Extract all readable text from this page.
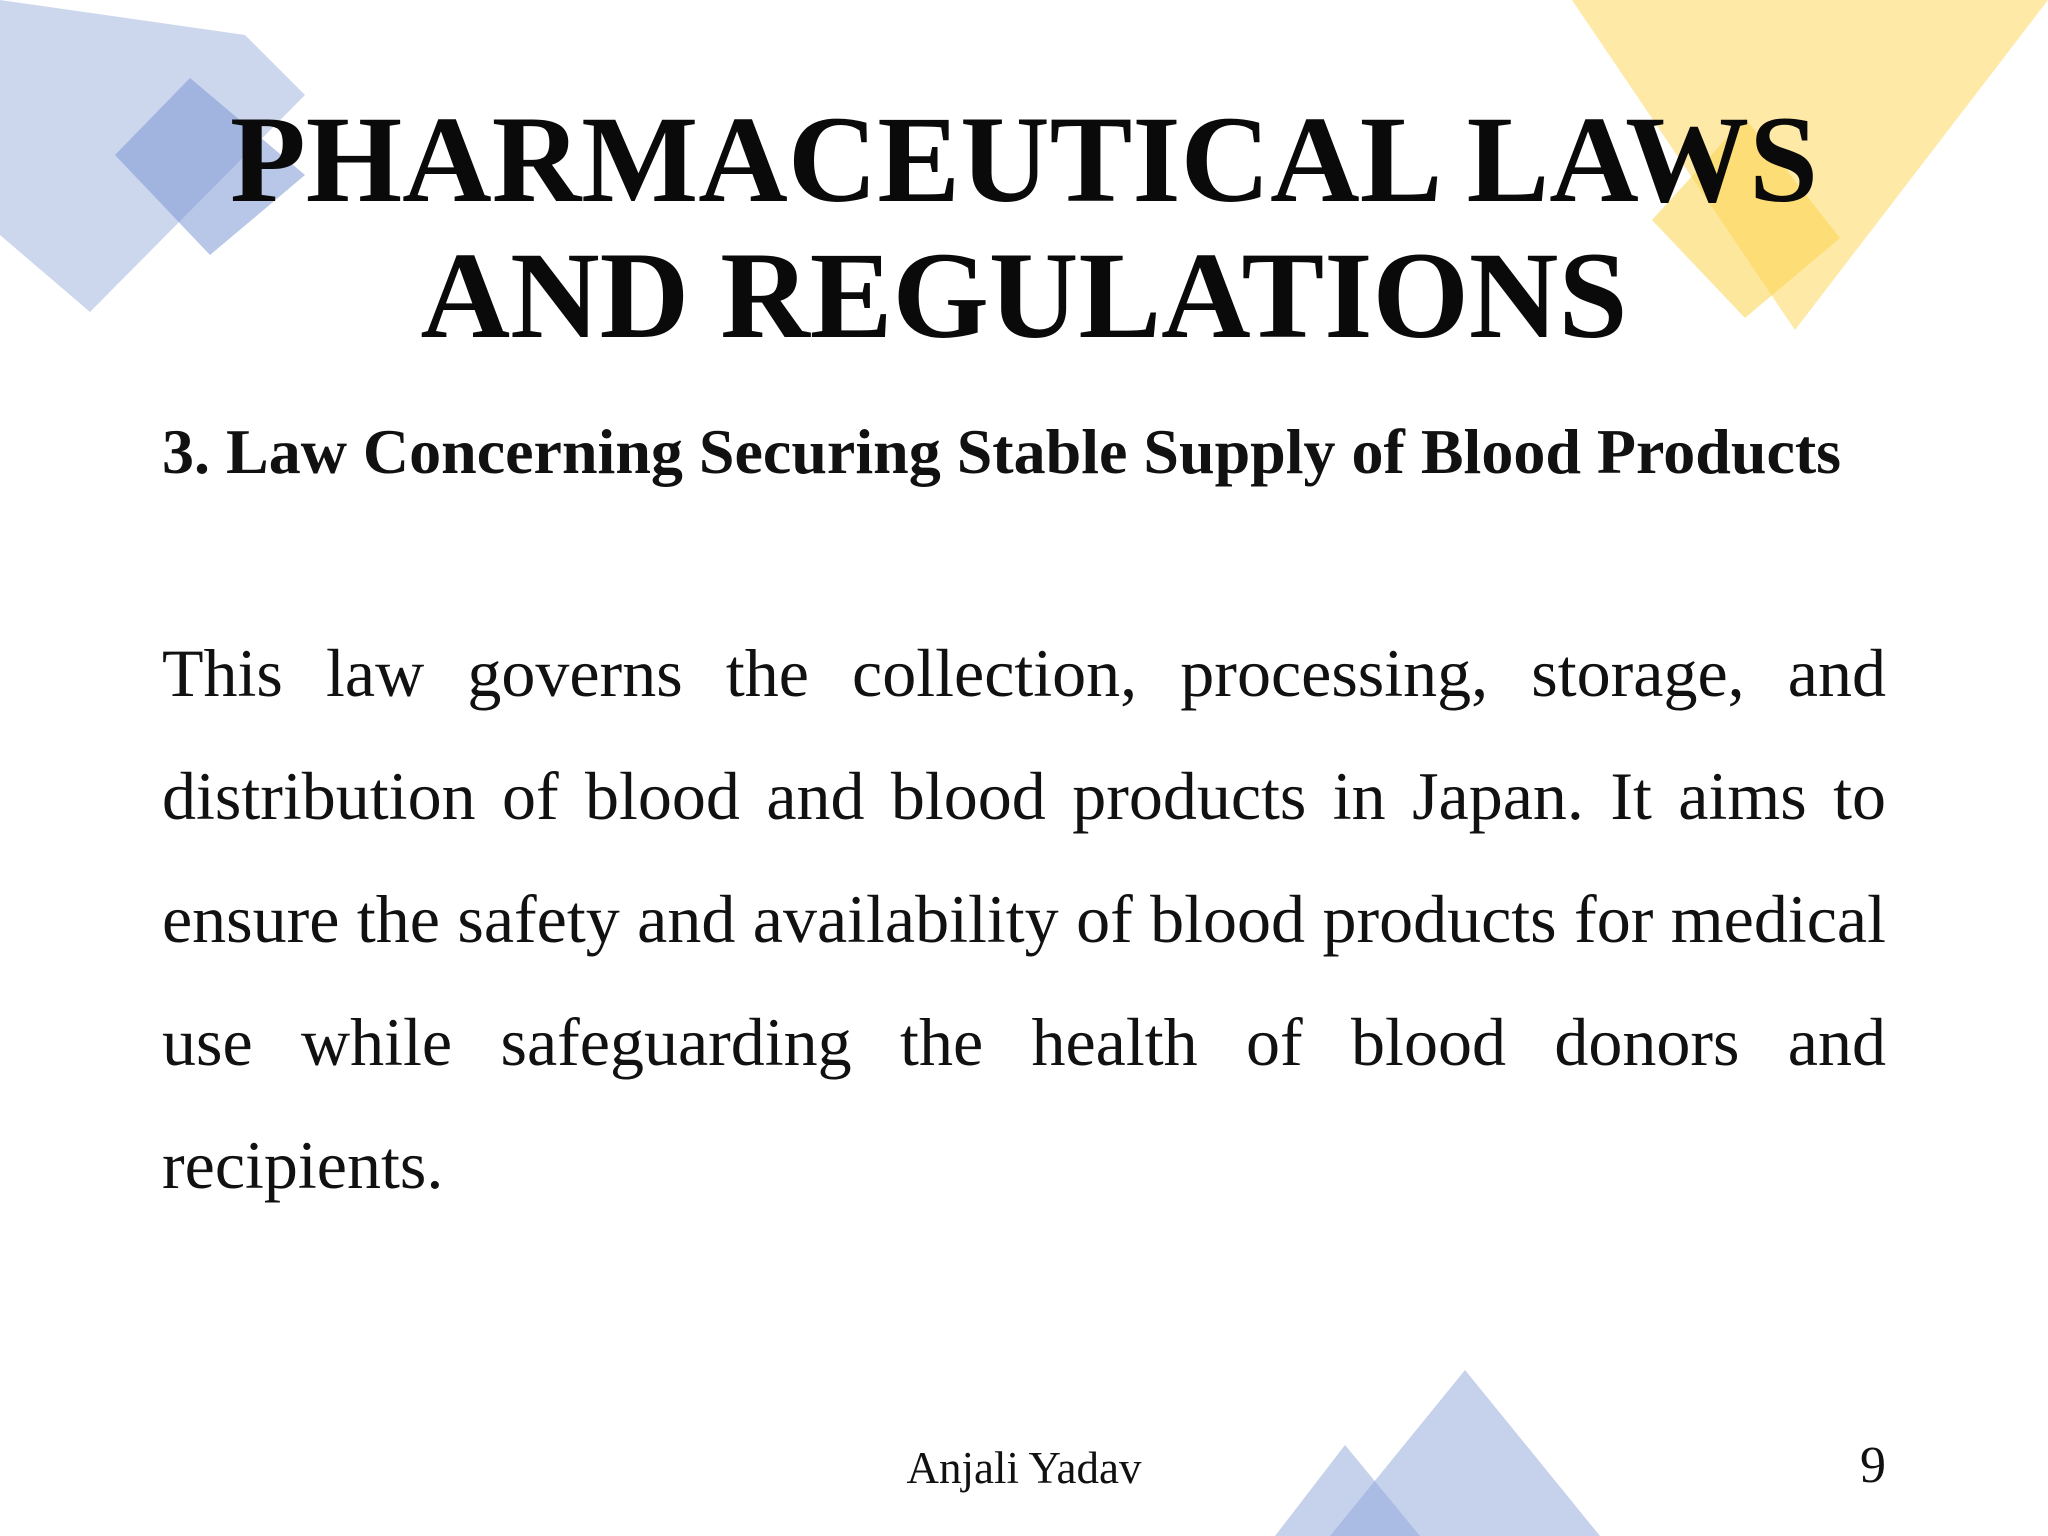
PHARMACEUTICAL LAWS
AND REGULATIONS

3. Law Concerning Securing Stable Supply of Blood Products

This law governs the collection, processing, storage, and distribution of blood and blood products in Japan. It aims to ensure the safety and availability of blood products for medical use while safeguarding the health of blood donors and recipients.

Anjali Yadav	9
